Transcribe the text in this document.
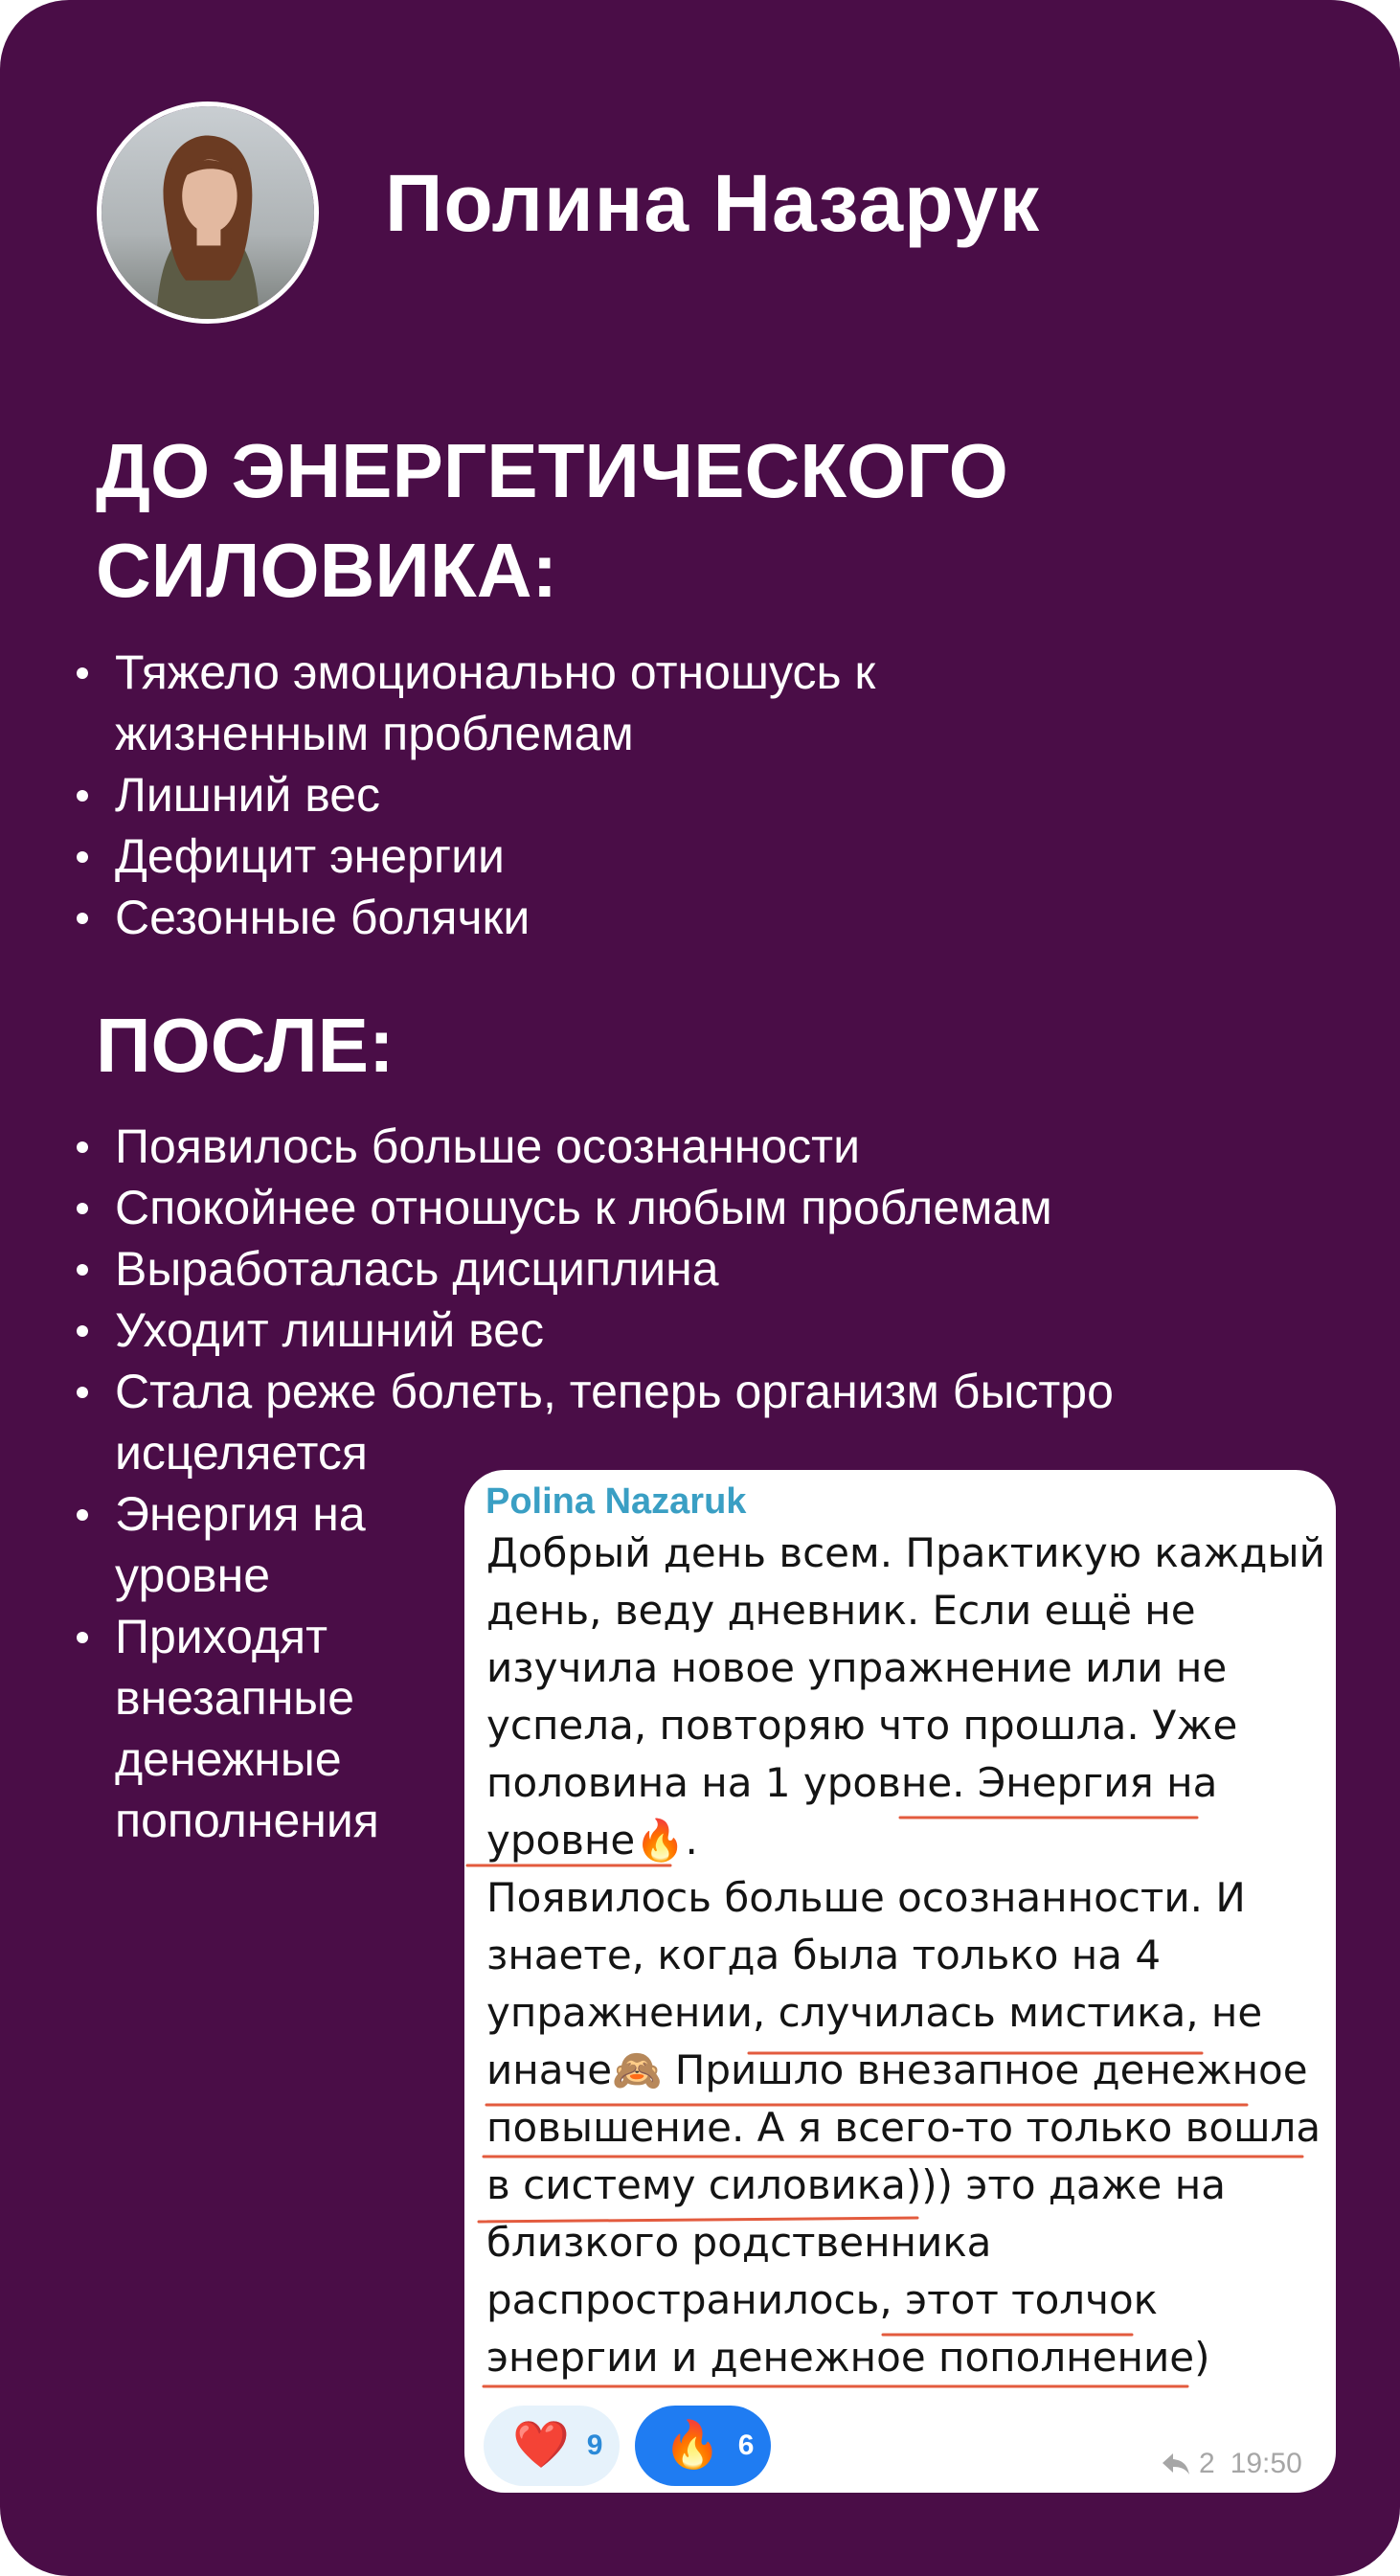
Полина Назарук
ДО ЭНЕРГЕТИЧЕСКОГО
СИЛОВИКА:
Тяжело эмоционально отношусь к жизненным проблемам
Лишний вес
Дефицит энергии
Сезонные болячки
ПОСЛЕ:
Появилось больше осознанности
Спокойнее отношусь к любым проблемам
Выработалась дисциплина
Уходит лишний вес
Стала реже болеть, теперь организм быстро исцеляется
Энергия на уровне
Приходят внезапные денежные пополнения
Polina Nazaruk
Добрый день всем. Практикую каждый
день, веду дневник. Если ещё не
изучила новое упражнение или не
успела, повторяю что прошла. Уже
половина на 1 уровне. Энергия на
уровне🔥.
Появилось больше осознанности. И
знаете, когда была только на 4
упражнении, случилась мистика, не
иначе🙈 Пришло внезапное денежное
повышение. А я всего-то только вошла
в систему силовика))) это даже на
близкого родственника
распространилось, этот толчок
энергии и денежное пополнение)
❤️ 9 🔥 6
2 19:50
